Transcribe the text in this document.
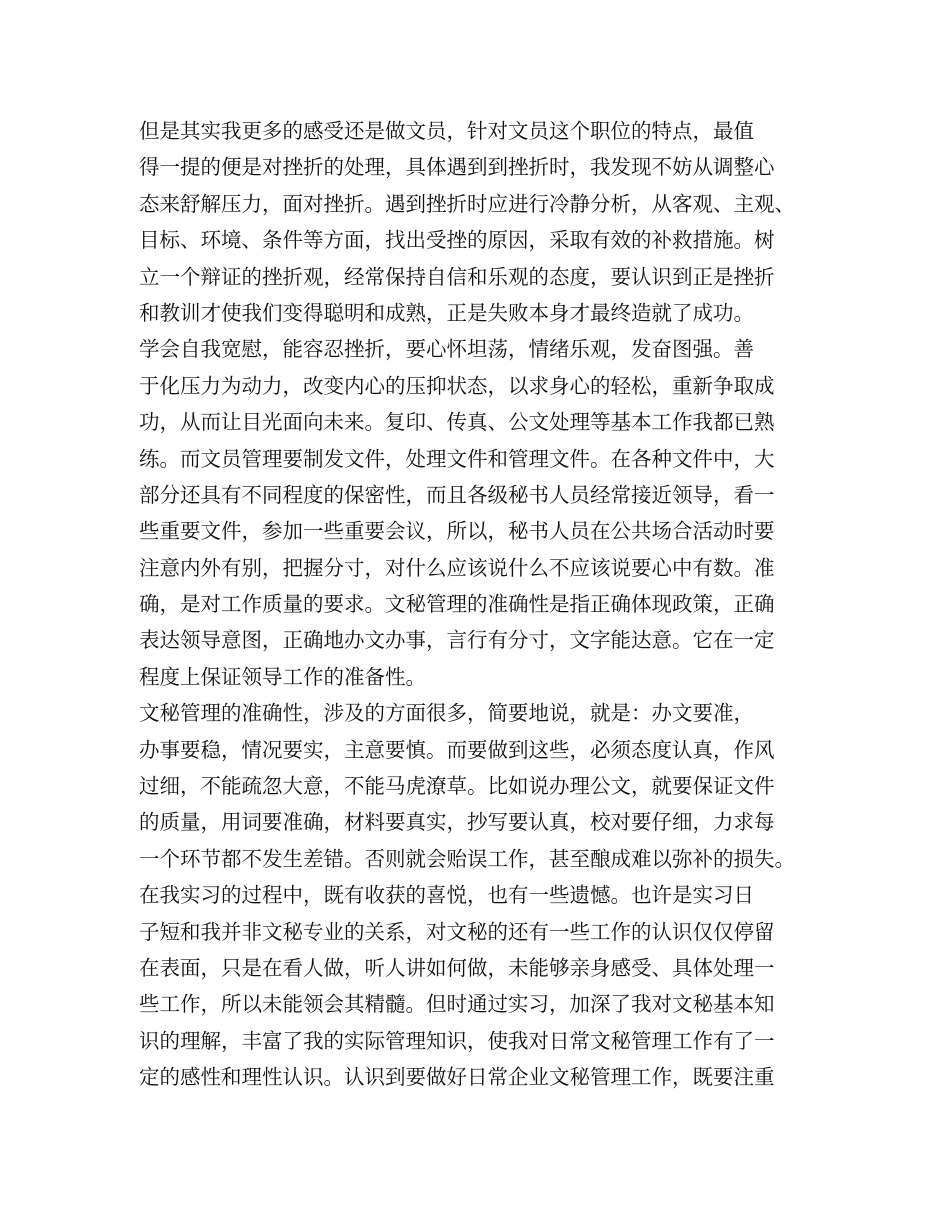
但是其实我更多的感受还是做文员，针对文员这个职位的特点，最值
得一提的便是对挫折的处理，具体遇到到挫折时，我发现不妨从调整心
态来舒解压力，面对挫折。遇到挫折时应进行冷静分析，从客观、主观、
目标、环境、条件等方面，找出受挫的原因，采取有效的补救措施。树
立一个辩证的挫折观，经常保持自信和乐观的态度，要认识到正是挫折
和教训才使我们变得聪明和成熟，正是失败本身才最终造就了成功。
学会自我宽慰，能容忍挫折，要心怀坦荡，情绪乐观，发奋图强。善
于化压力为动力，改变内心的压抑状态，以求身心的轻松，重新争取成
功，从而让目光面向未来。复印、传真、公文处理等基本工作我都已熟
练。而文员管理要制发文件，处理文件和管理文件。在各种文件中，大
部分还具有不同程度的保密性，而且各级秘书人员经常接近领导，看一
些重要文件，参加一些重要会议，所以，秘书人员在公共场合活动时要
注意内外有别，把握分寸，对什么应该说什么不应该说要心中有数。准
确，是对工作质量的要求。文秘管理的准确性是指正确体现政策，正确
表达领导意图，正确地办文办事，言行有分寸，文字能达意。它在一定
程度上保证领导工作的准备性。
文秘管理的准确性，涉及的方面很多，简要地说，就是：办文要准，
办事要稳，情况要实，主意要慎。而要做到这些，必须态度认真，作风
过细，不能疏忽大意，不能马虎潦草。比如说办理公文，就要保证文件
的质量，用词要准确，材料要真实，抄写要认真，校对要仔细，力求每
一个环节都不发生差错。否则就会贻误工作，甚至酿成难以弥补的损失。
在我实习的过程中，既有收获的喜悦，也有一些遗憾。也许是实习日
子短和我并非文秘专业的关系，对文秘的还有一些工作的认识仅仅停留
在表面，只是在看人做，听人讲如何做，未能够亲身感受、具体处理一
些工作，所以未能领会其精髓。但时通过实习，加深了我对文秘基本知
识的理解，丰富了我的实际管理知识，使我对日常文秘管理工作有了一
定的感性和理性认识。认识到要做好日常企业文秘管理工作，既要注重
